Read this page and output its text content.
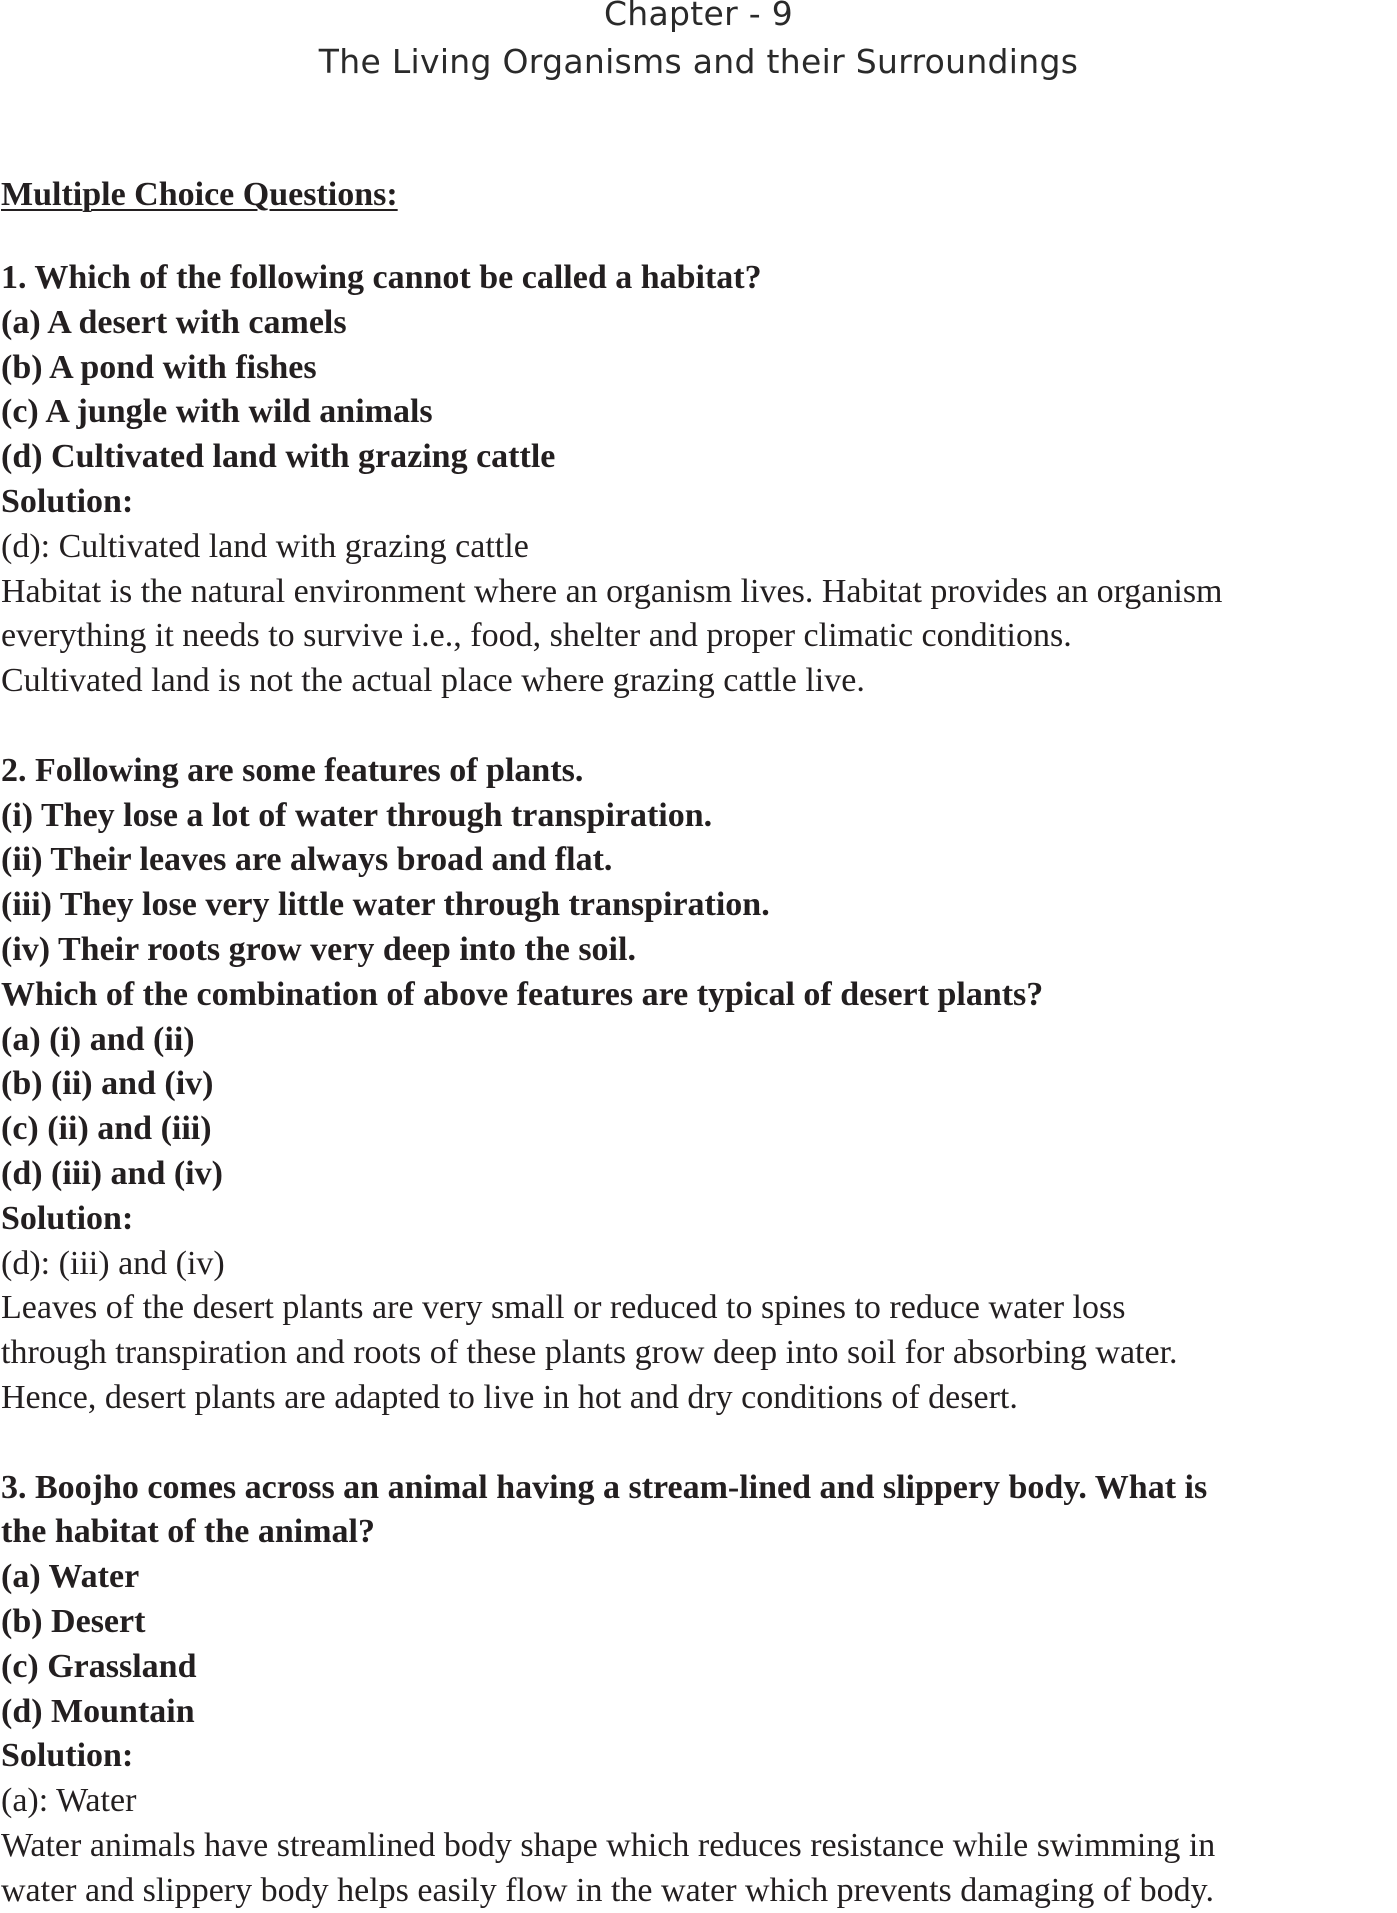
Chapter - 9
The Living Organisms and their Surroundings
Multiple Choice Questions:
1. Which of the following cannot be called a habitat?
(a) A desert with camels
(b) A pond with fishes
(c) A jungle with wild animals
(d) Cultivated land with grazing cattle
Solution:
(d): Cultivated land with grazing cattle
Habitat is the natural environment where an organism lives. Habitat provides an organism
everything it needs to survive i.e., food, shelter and proper climatic conditions.
Cultivated land is not the actual place where grazing cattle live.
2. Following are some features of plants.
(i) They lose a lot of water through transpiration.
(ii) Their leaves are always broad and flat.
(iii) They lose very little water through transpiration.
(iv) Their roots grow very deep into the soil.
Which of the combination of above features are typical of desert plants?
(a) (i) and (ii)
(b) (ii) and (iv)
(c) (ii) and (iii)
(d) (iii) and (iv)
Solution:
(d): (iii) and (iv)
Leaves of the desert plants are very small or reduced to spines to reduce water loss
through transpiration and roots of these plants grow deep into soil for absorbing water.
Hence, desert plants are adapted to live in hot and dry conditions of desert.
3. Boojho comes across an animal having a stream-lined and slippery body. What is
the habitat of the animal?
(a) Water
(b) Desert
(c) Grassland
(d) Mountain
Solution:
(a): Water
Water animals have streamlined body shape which reduces resistance while swimming in
water and slippery body helps easily flow in the water which prevents damaging of body.
